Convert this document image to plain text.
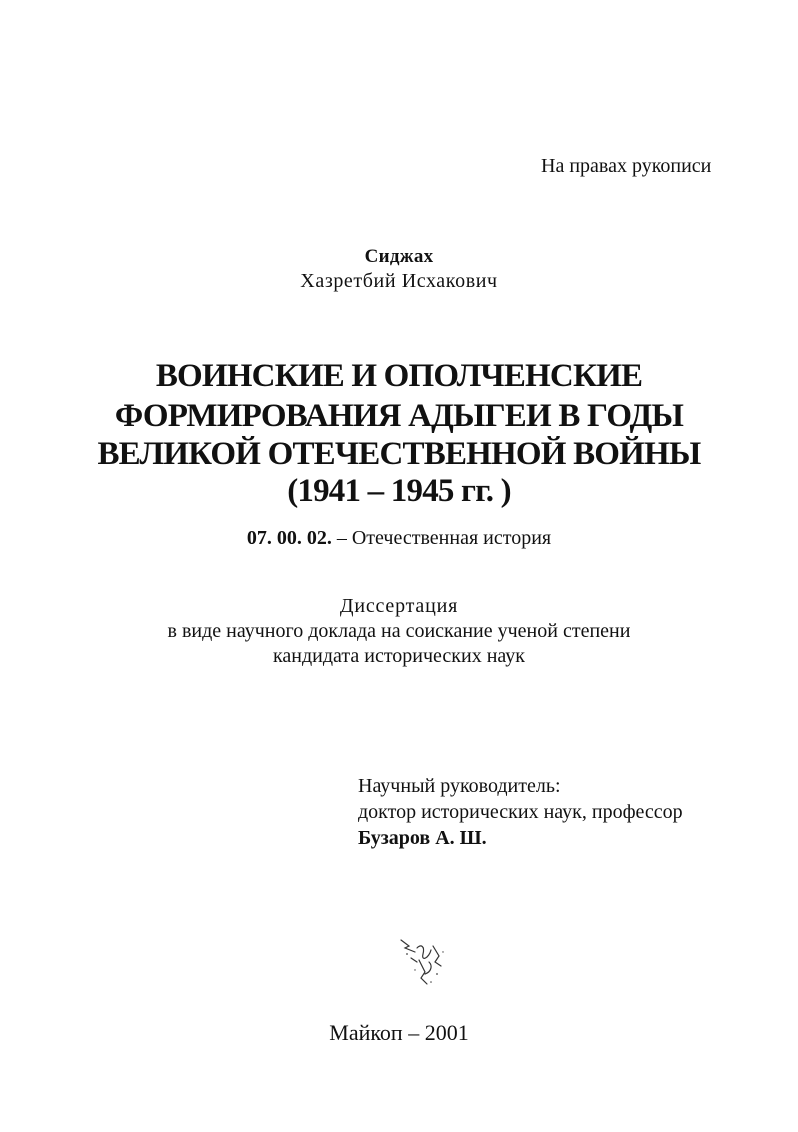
На правах рукописи
Сиджах
Хазретбий Исхакович
ВОИНСКИЕ И ОПОЛЧЕНСКИЕ
ФОРМИРОВАНИЯ АДЫГЕИ В ГОДЫ
ВЕЛИКОЙ ОТЕЧЕСТВЕННОЙ ВОЙНЫ
(1941 – 1945 гг. )
07. 00. 02. – Отечественная история
Диссертация
в виде научного доклада на соискание ученой степени
кандидата исторических наук
Научный руководитель:
доктор исторических наук, профессор
Бузаров А. Ш.
Майкоп – 2001
